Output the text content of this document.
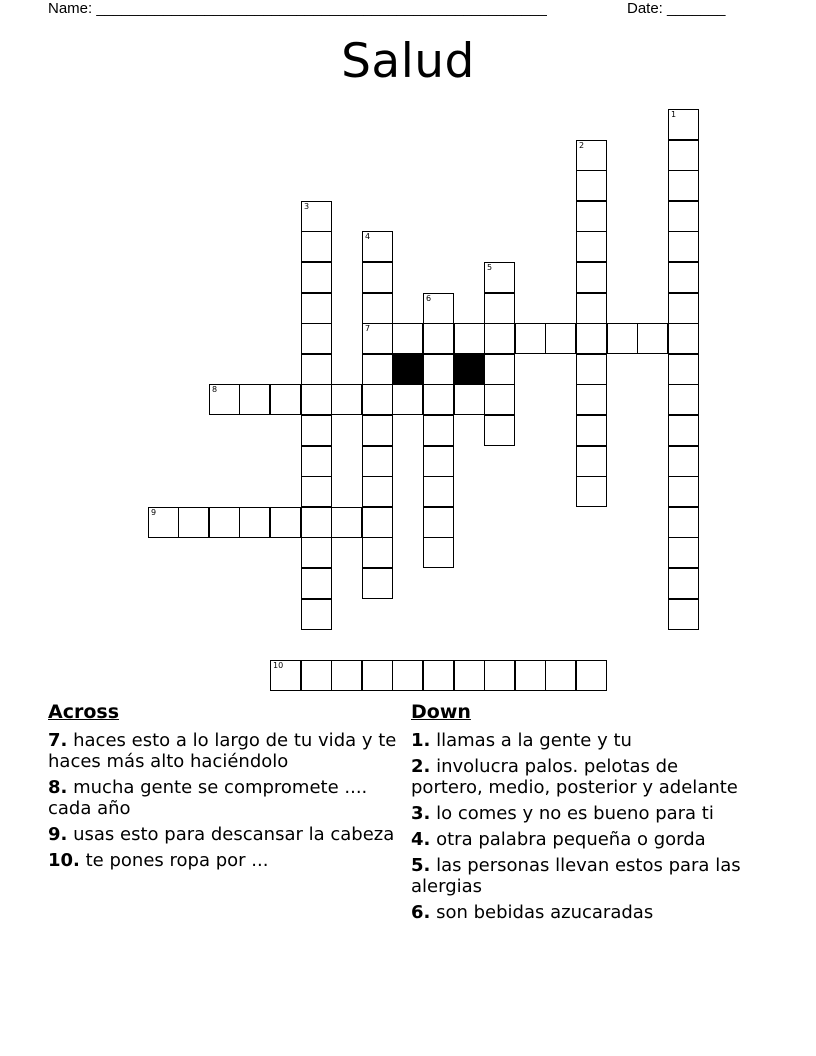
Name: ______________________________________________________	Date: _______
Salud
1
2
3
4
7
5
6
8
9
10
Across
7. haces esto a lo largo de tu vida y te haces más alto haciéndolo
8. mucha gente se compromete .... cada año
9. usas esto para descansar la cabeza
10. te pones ropa por ...
Down
1. llamas a la gente y tu
2. involucra palos. pelotas de portero, medio, posterior y adelante
3. lo comes y no es bueno para ti
4. otra palabra pequeña o gorda
5. las personas llevan estos para las alergias
6. son bebidas azucaradas
